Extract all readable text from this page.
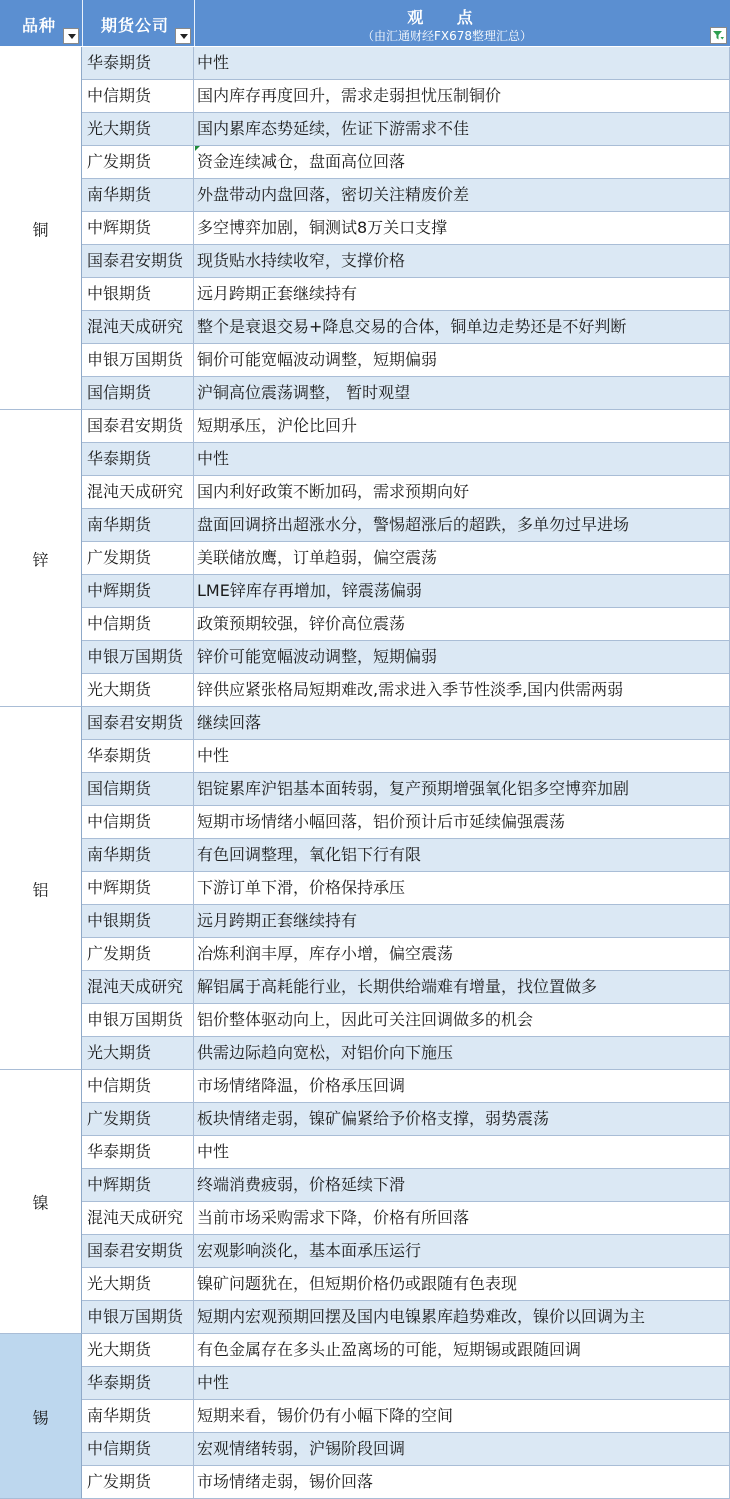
品种	期货公司	观 点
（由汇通财经FX678整理汇总）
铜
华泰期货	中性
中信期货	国内库存再度回升，需求走弱担忧压制铜价
光大期货	国内累库态势延续，佐证下游需求不佳
广发期货	资金连续减仓，盘面高位回落
南华期货	外盘带动内盘回落，密切关注精废价差
中辉期货	多空博弈加剧，铜测试8万关口支撑
国泰君安期货 现货贴水持续收窄，支撑价格
中银期货	远月跨期正套继续持有
混沌天成研究 整个是衰退交易+降息交易的合体，铜单边走势还是不好判断
申银万国期货 铜价可能宽幅波动调整，短期偏弱
国信期货	沪铜高位震荡调整， 暂时观望
锌
国泰君安期货 短期承压，沪伦比回升
华泰期货	中性
混沌天成研究 国内利好政策不断加码，需求预期向好
南华期货	盘面回调挤出超涨水分，警惕超涨后的超跌，多单勿过早进场
广发期货	美联储放鹰，订单趋弱，偏空震荡
中辉期货	LME锌库存再增加，锌震荡偏弱
中信期货	政策预期较强，锌价高位震荡
申银万国期货 锌价可能宽幅波动调整，短期偏弱
光大期货	锌供应紧张格局短期难改,需求进入季节性淡季,国内供需两弱
铝
国泰君安期货 继续回落
华泰期货	中性
国信期货	铝锭累库沪铝基本面转弱，复产预期增强氧化铝多空博弈加剧
中信期货	短期市场情绪小幅回落，铝价预计后市延续偏强震荡
南华期货	有色回调整理，氧化铝下行有限
中辉期货	下游订单下滑，价格保持承压
中银期货	远月跨期正套继续持有
广发期货	冶炼利润丰厚，库存小增，偏空震荡
混沌天成研究 解铝属于高耗能行业，长期供给端难有增量，找位置做多
申银万国期货 铝价整体驱动向上，因此可关注回调做多的机会
光大期货	供需边际趋向宽松，对铝价向下施压
镍
中信期货	市场情绪降温，价格承压回调
广发期货	板块情绪走弱，镍矿偏紧给予价格支撑，弱势震荡
华泰期货	中性
中辉期货	终端消费疲弱，价格延续下滑
混沌天成研究 当前市场采购需求下降，价格有所回落
国泰君安期货 宏观影响淡化，基本面承压运行
光大期货	镍矿问题犹在，但短期价格仍或跟随有色表现
申银万国期货 短期内宏观预期回摆及国内电镍累库趋势难改，镍价以回调为主
锡
光大期货	有色金属存在多头止盈离场的可能，短期锡或跟随回调
华泰期货	中性
南华期货	短期来看，锡价仍有小幅下降的空间
中信期货	宏观情绪转弱，沪锡阶段回调
广发期货	市场情绪走弱，锡价回落
